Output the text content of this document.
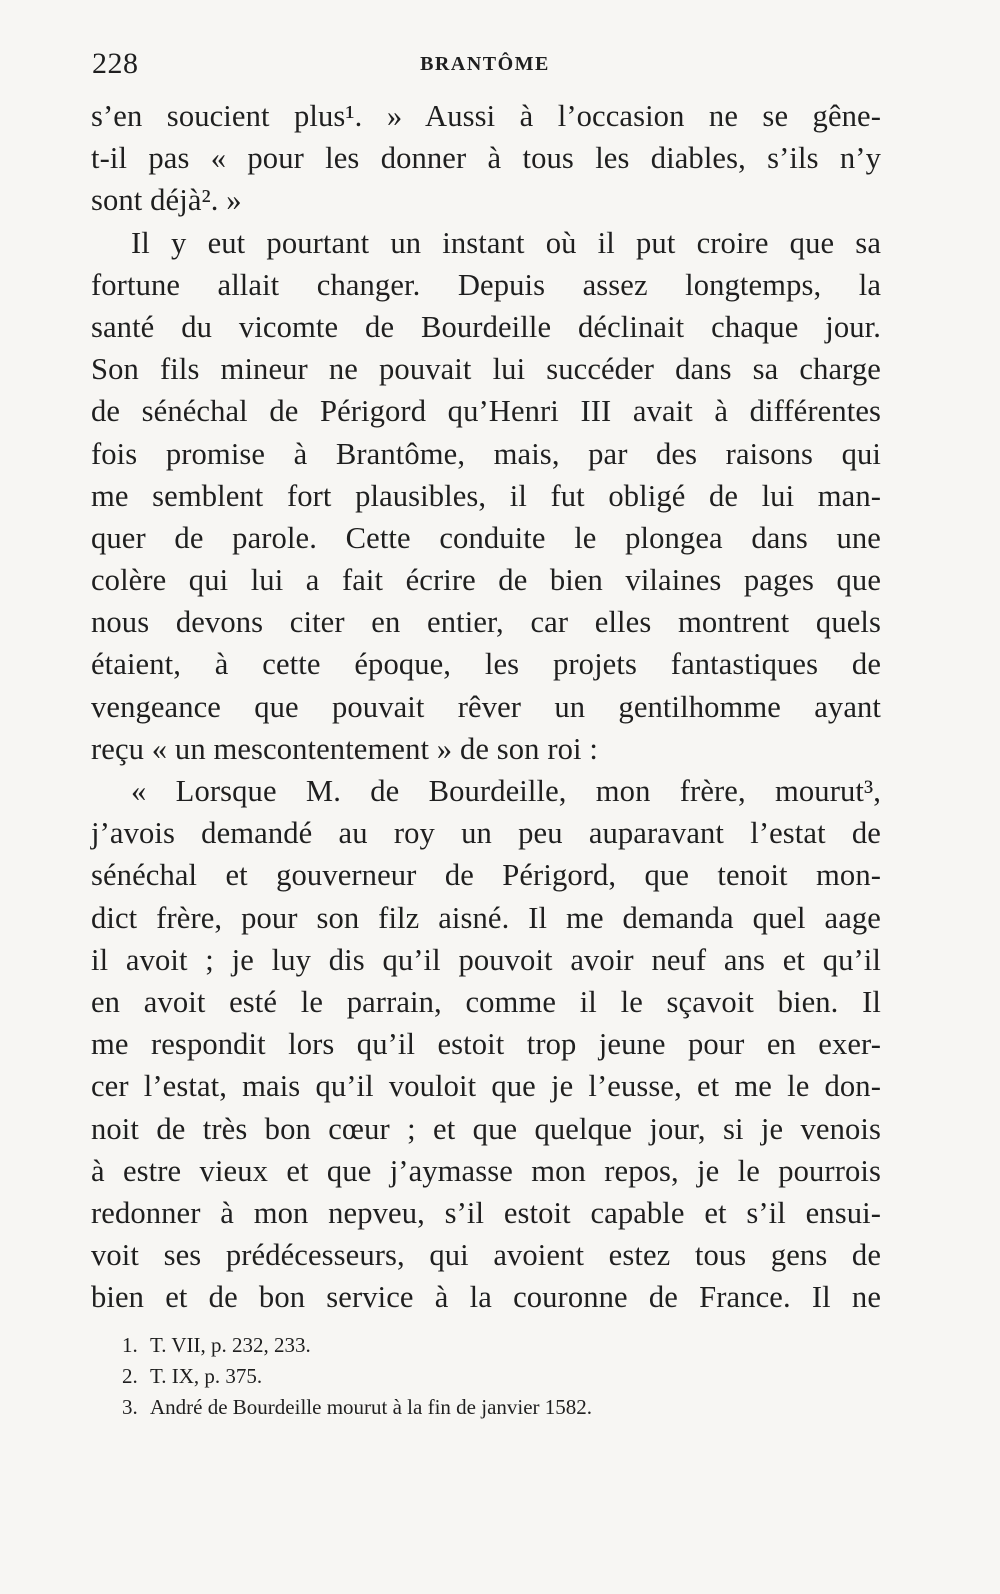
228	BRANTÔME
s’en soucient plus¹. » Aussi à l’occasion ne se gêne-
t-il pas « pour les donner à tous les diables, s’ils n’y
sont déjà². »
Il y eut pourtant un instant où il put croire que sa
fortune allait changer. Depuis assez longtemps, la
santé du vicomte de Bourdeille déclinait chaque jour.
Son fils mineur ne pouvait lui succéder dans sa charge
de sénéchal de Périgord qu’Henri III avait à différentes
fois promise à Brantôme, mais, par des raisons qui
me semblent fort plausibles, il fut obligé de lui man-
quer de parole. Cette conduite le plongea dans une
colère qui lui a fait écrire de bien vilaines pages que
nous devons citer en entier, car elles montrent quels
étaient, à cette époque, les projets fantastiques de
vengeance que pouvait rêver un gentilhomme ayant
reçu « un mescontentement » de son roi :
« Lorsque M. de Bourdeille, mon frère, mourut³,
j’avois demandé au roy un peu auparavant l’estat de
sénéchal et gouverneur de Périgord, que tenoit mon-
dict frère, pour son filz aisné. Il me demanda quel aage
il avoit ; je luy dis qu’il pouvoit avoir neuf ans et qu’il
en avoit esté le parrain, comme il le sçavoit bien. Il
me respondit lors qu’il estoit trop jeune pour en exer-
cer l’estat, mais qu’il vouloit que je l’eusse, et me le don-
noit de très bon cœur ; et que quelque jour, si je venois
à estre vieux et que j’aymasse mon repos, je le pourrois
redonner à mon nepveu, s’il estoit capable et s’il ensui-
voit ses prédécesseurs, qui avoient estez tous gens de
bien et de bon service à la couronne de France. Il ne
1. T. VII, p. 232, 233.
2. T. IX, p. 375.
3. André de Bourdeille mourut à la fin de janvier 1582.
